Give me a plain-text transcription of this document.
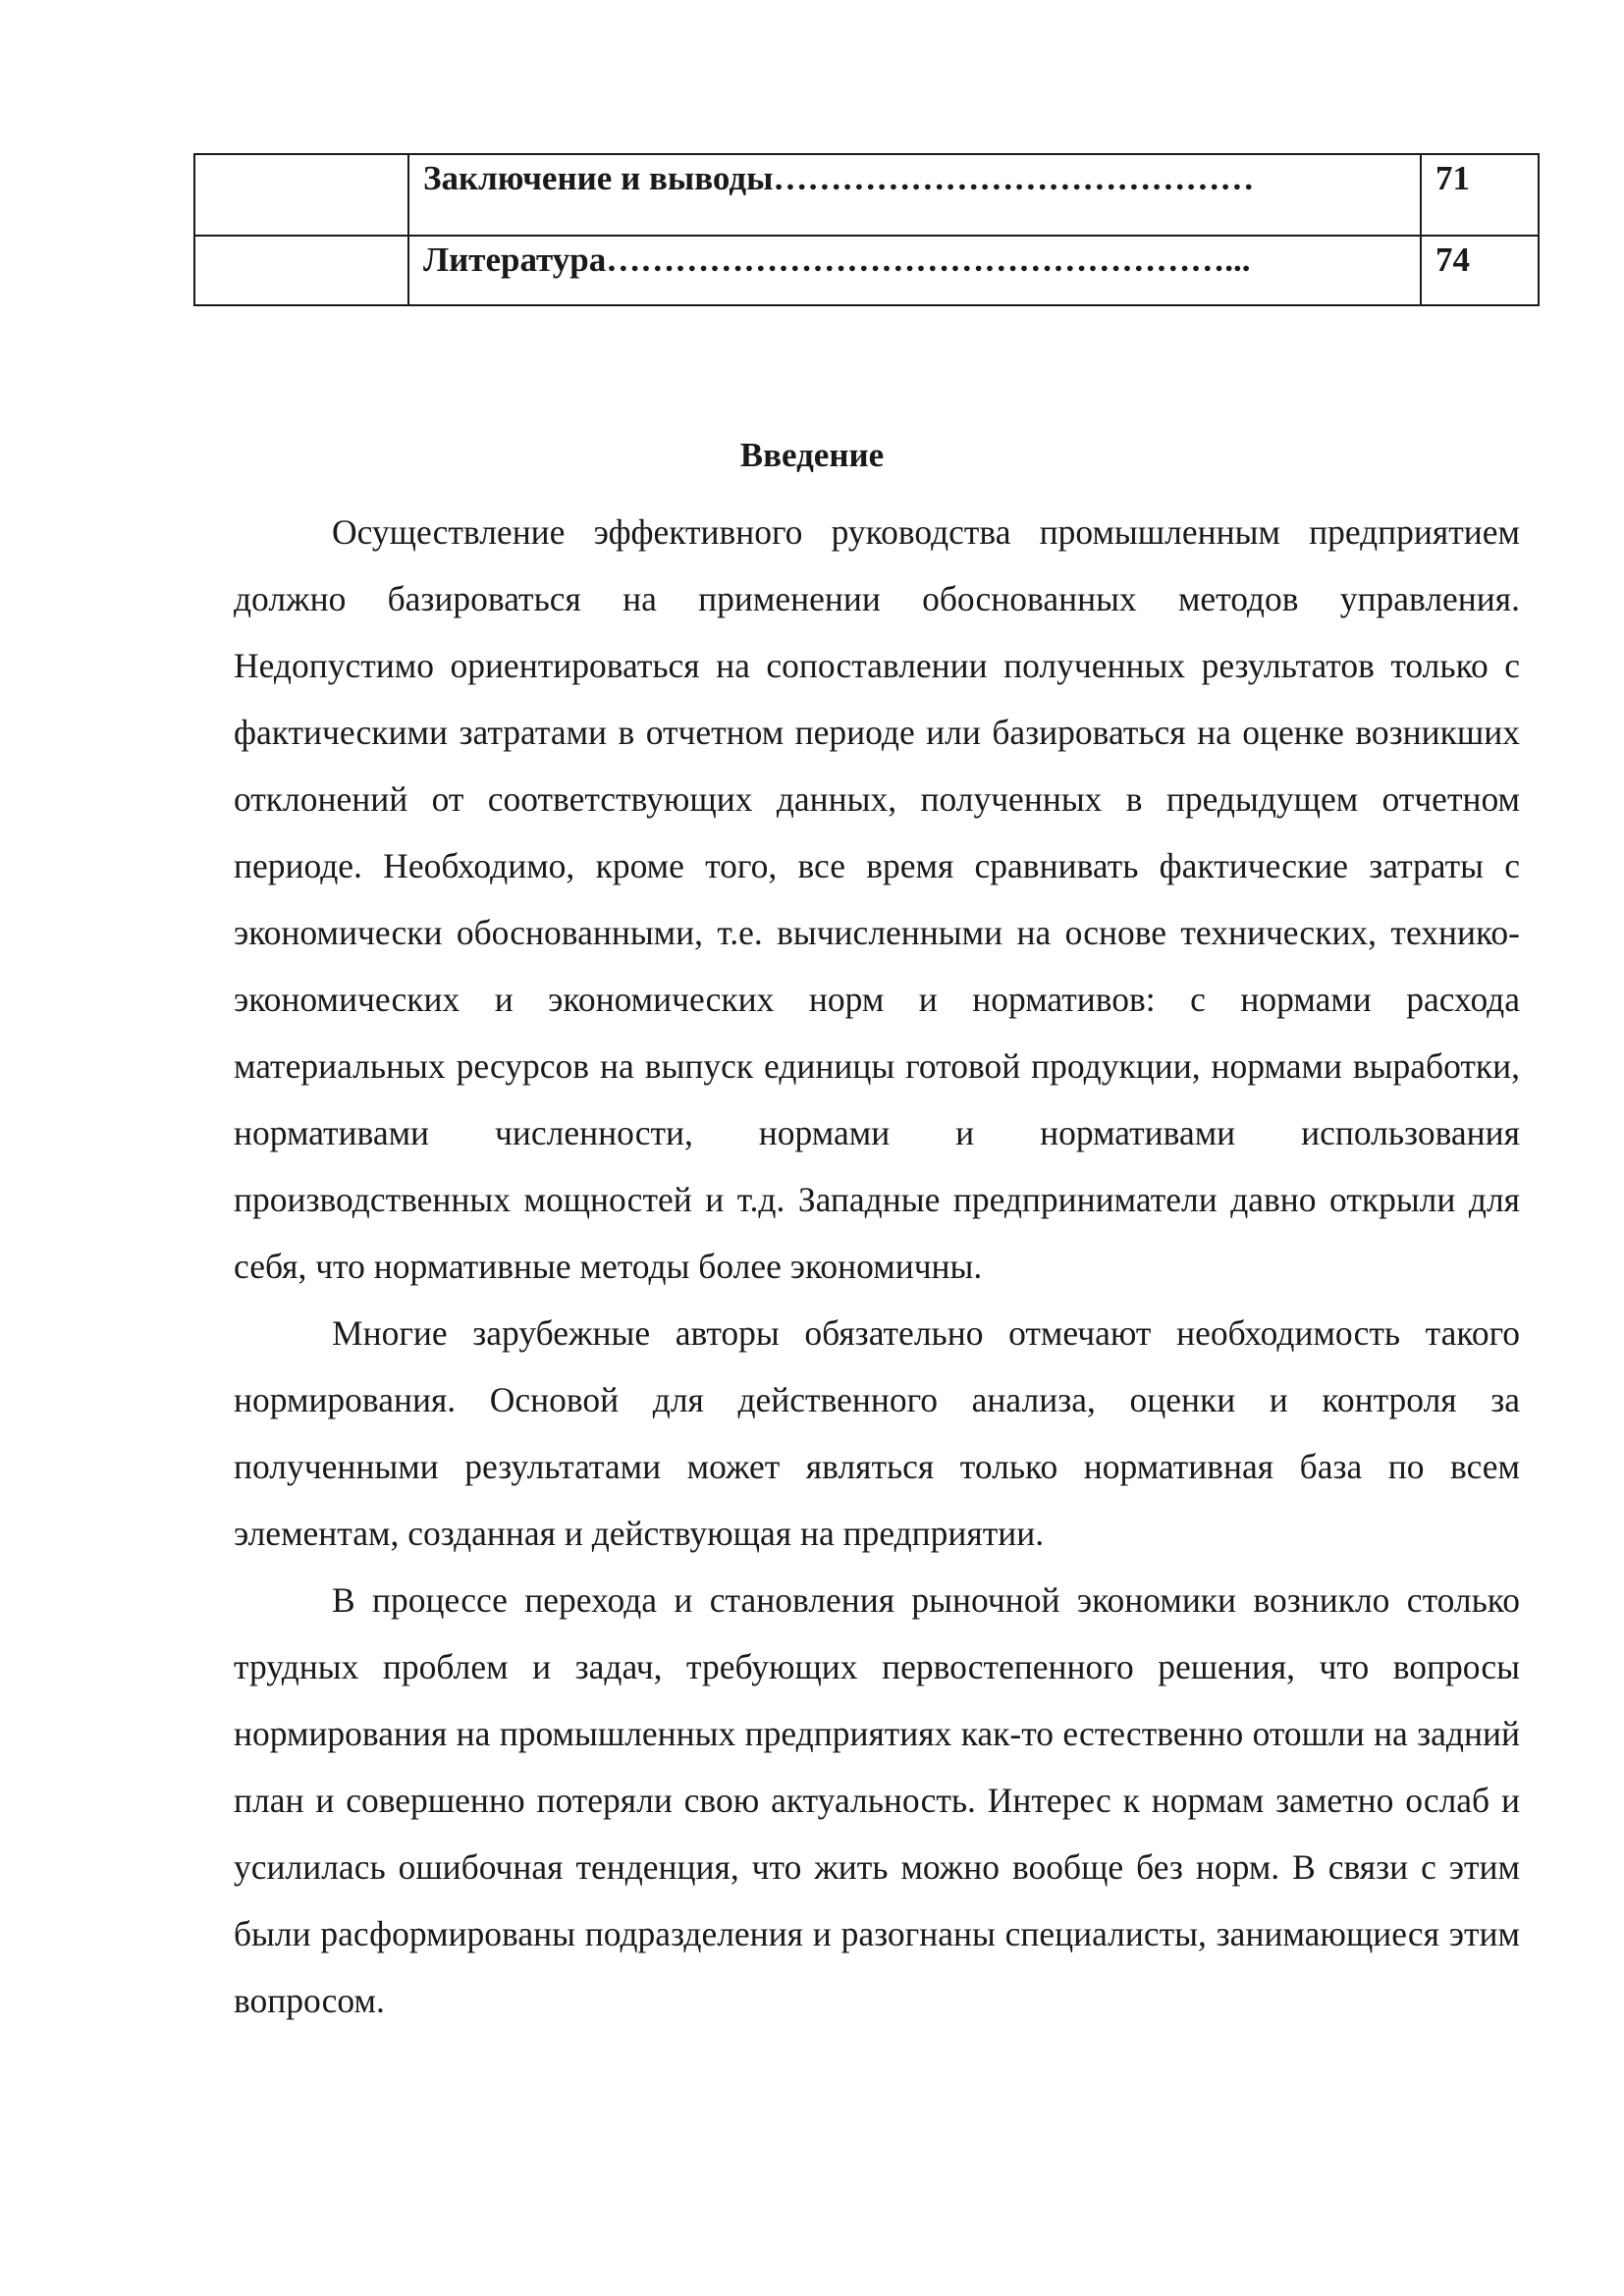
	Заключение и выводы……………………………………	71
	Литература………………………………………………...	74
Введение

Осуществление эффективного руководства промышленным предприятием должно базироваться на применении обоснованных методов управления. Недопустимо ориентироваться на сопоставлении полученных результатов только с фактическими затратами в отчетном периоде или базироваться на оценке возникших отклонений от соответствующих данных, полученных в предыдущем отчетном периоде. Необходимо, кроме того, все время сравнивать фактические затраты с экономически обоснованными, т.е. вычисленными на основе технических, технико-экономических и экономических норм и нормативов: с нормами расхода материальных ресурсов на выпуск единицы готовой продукции, нормами выработки, нормативами численности, нормами и нормативами использования производственных мощностей и т.д. Западные предприниматели давно открыли для себя, что нормативные методы более экономичны.

Многие зарубежные авторы обязательно отмечают необходимость такого нормирования. Основой для действенного анализа, оценки и контроля за полученными результатами может являться только нормативная база по всем элементам, созданная и действующая на предприятии.

В процессе перехода и становления рыночной экономики возникло столько трудных проблем и задач, требующих первостепенного решения, что вопросы нормирования на промышленных предприятиях как-то естественно отошли на задний план и совершенно потеряли свою актуальность. Интерес к нормам заметно ослаб и усилилась ошибочная тенденция, что жить можно вообще без норм. В связи с этим были расформированы подразделения и разогнаны специалисты, занимающиеся этим вопросом.
